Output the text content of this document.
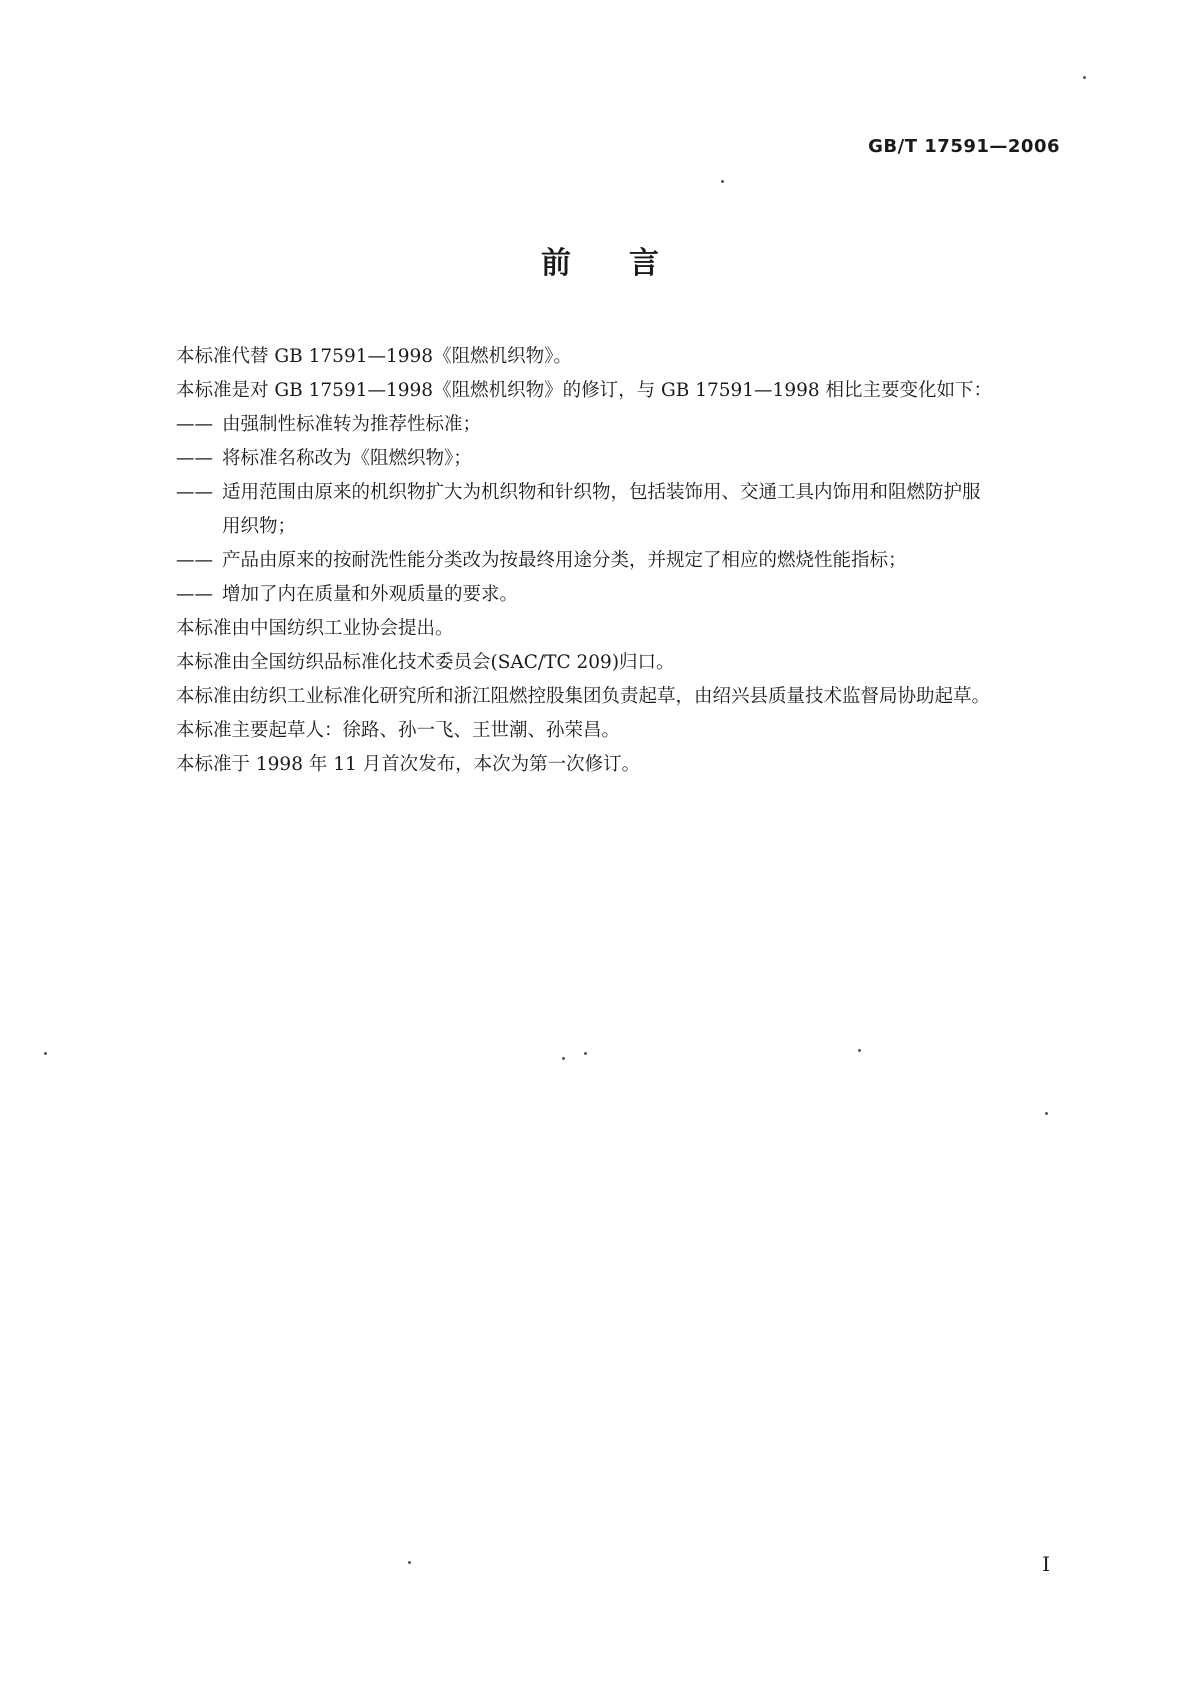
GB/T 17591—2006
前言

本标准代替 GB 17591—1998《阻燃机织物》。

本标准是对 GB 17591—1998《阻燃机织物》的修订，与 GB 17591—1998 相比主要变化如下：

—— 由强制性标准转为推荐性标准；

—— 将标准名称改为《阻燃织物》；

—— 适用范围由原来的机织物扩大为机织物和针织物，包括装饰用、交通工具内饰用和阻燃防护服

用织物；

—— 产品由原来的按耐洗性能分类改为按最终用途分类，并规定了相应的燃烧性能指标；

—— 增加了内在质量和外观质量的要求。

本标准由中国纺织工业协会提出。

本标准由全国纺织品标准化技术委员会(SAC/TC 209)归口。

本标准由纺织工业标准化研究所和浙江阻燃控股集团负责起草，由绍兴县质量技术监督局协助起草。

本标准主要起草人：徐路、孙一飞、王世潮、孙荣昌。

本标准于 1998 年 11 月首次发布，本次为第一次修订。

I
